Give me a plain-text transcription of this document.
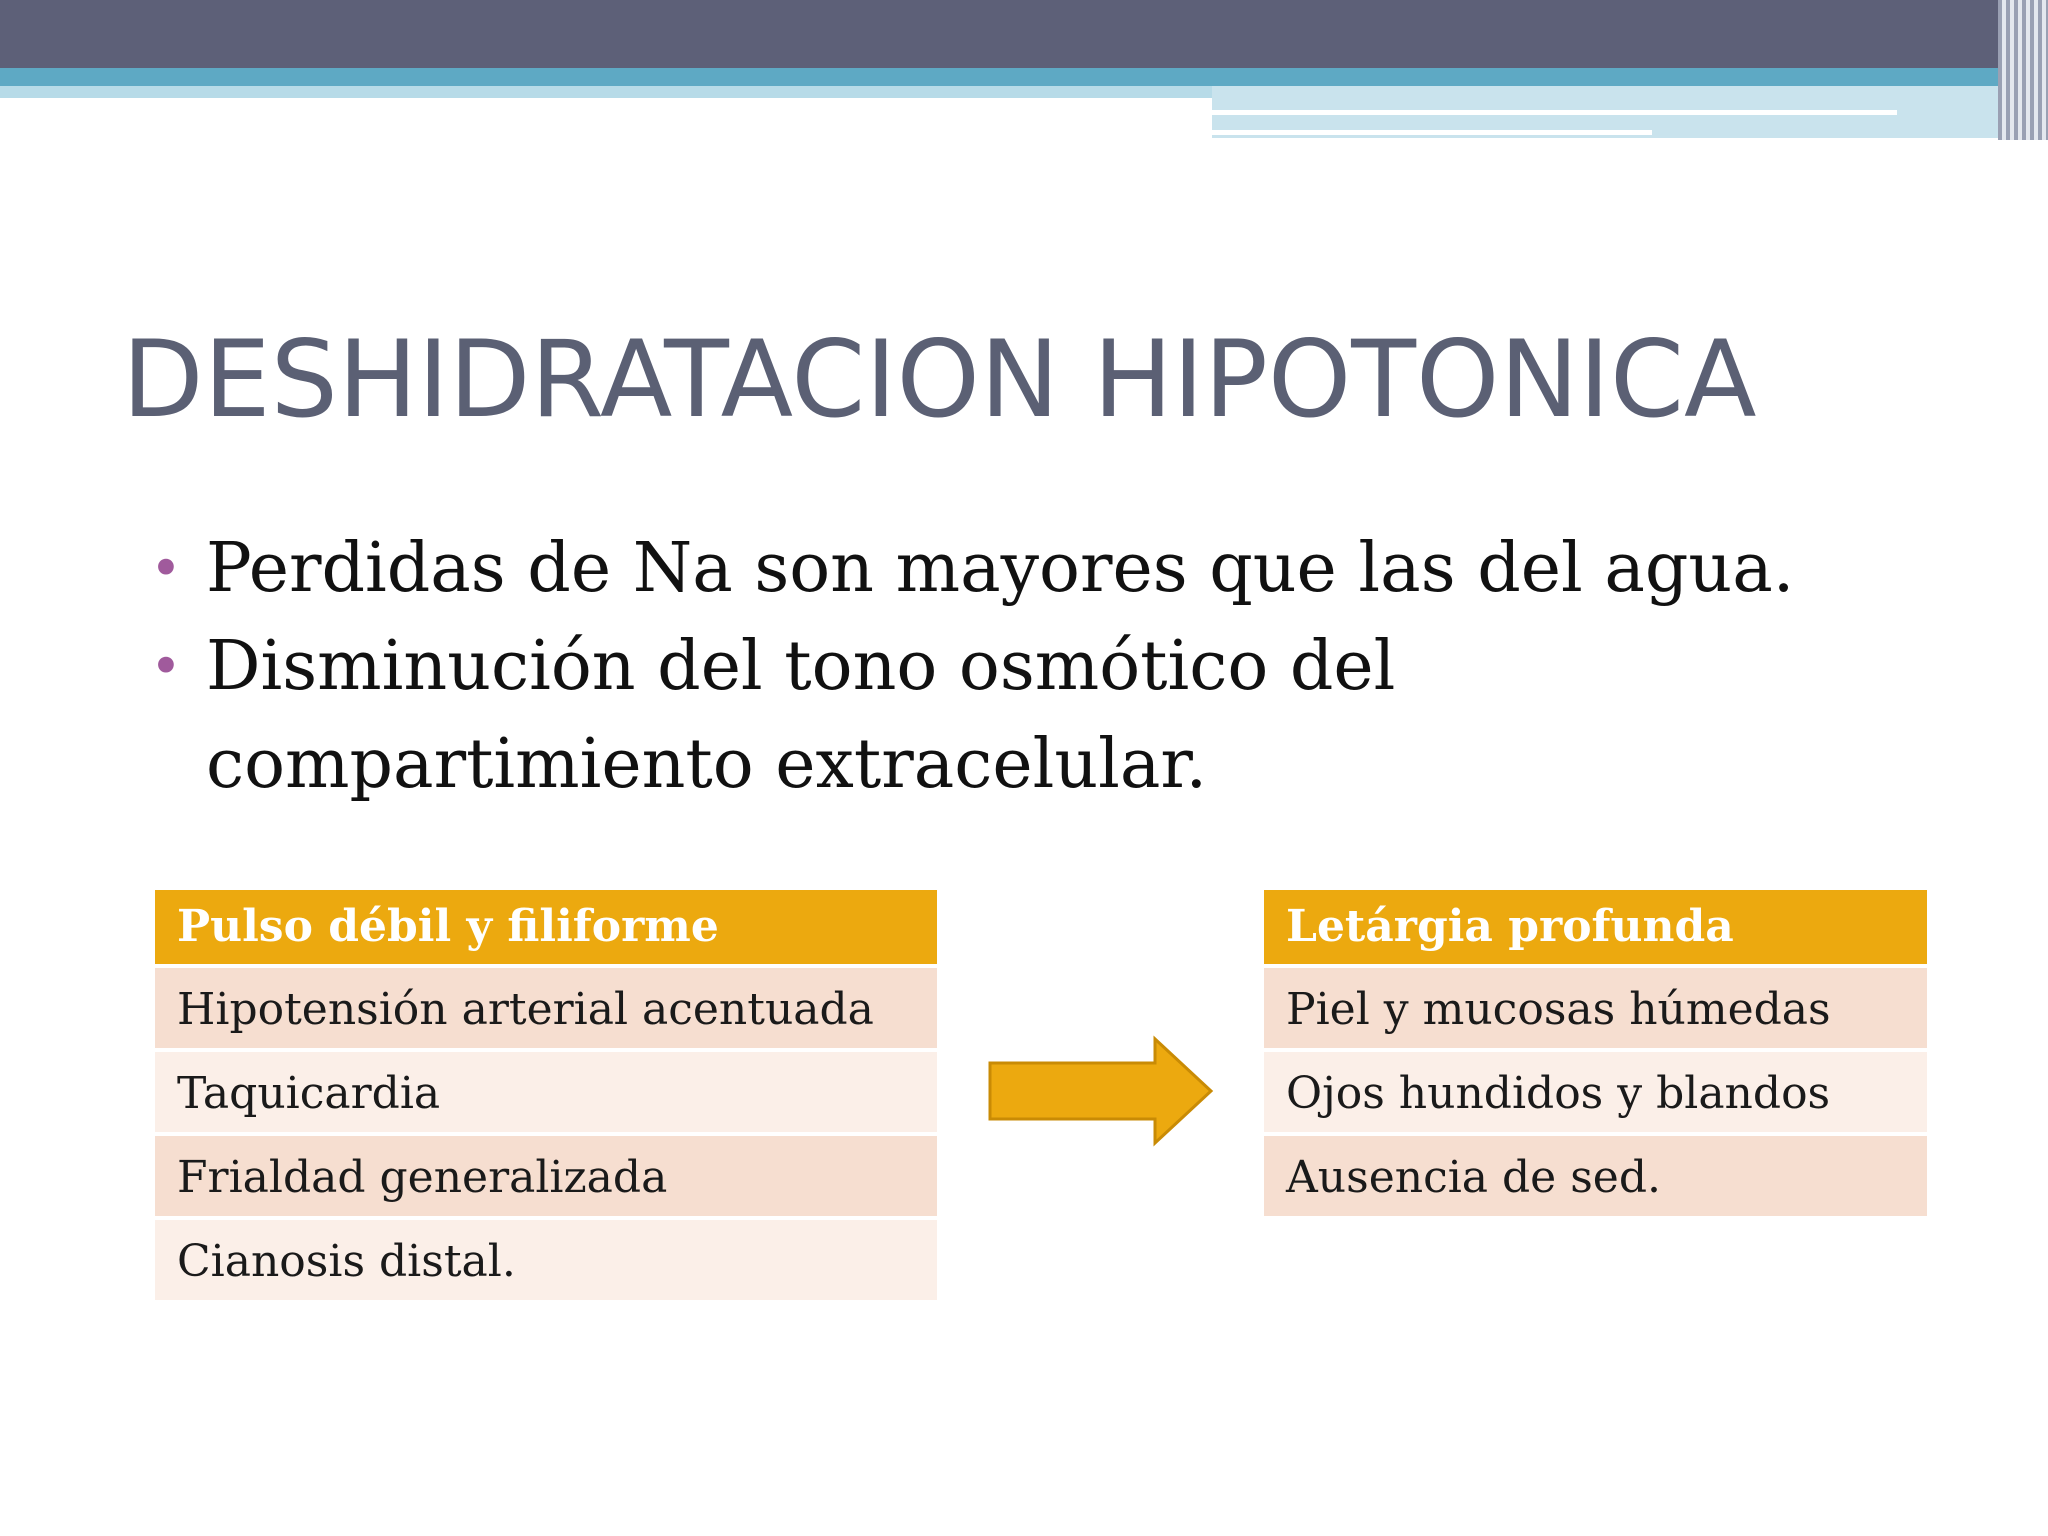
DESHIDRATACION HIPOTONICA
• Perdidas de Na son mayores que las del agua.
• Disminución del tono osmótico del compartimiento extracelular.
Pulso débil y filiforme
Hipotensión arterial acentuada
Taquicardia
Frialdad generalizada
Cianosis distal.
Letárgia profunda
Piel y mucosas húmedas
Ojos hundidos y blandos
Ausencia de sed.
